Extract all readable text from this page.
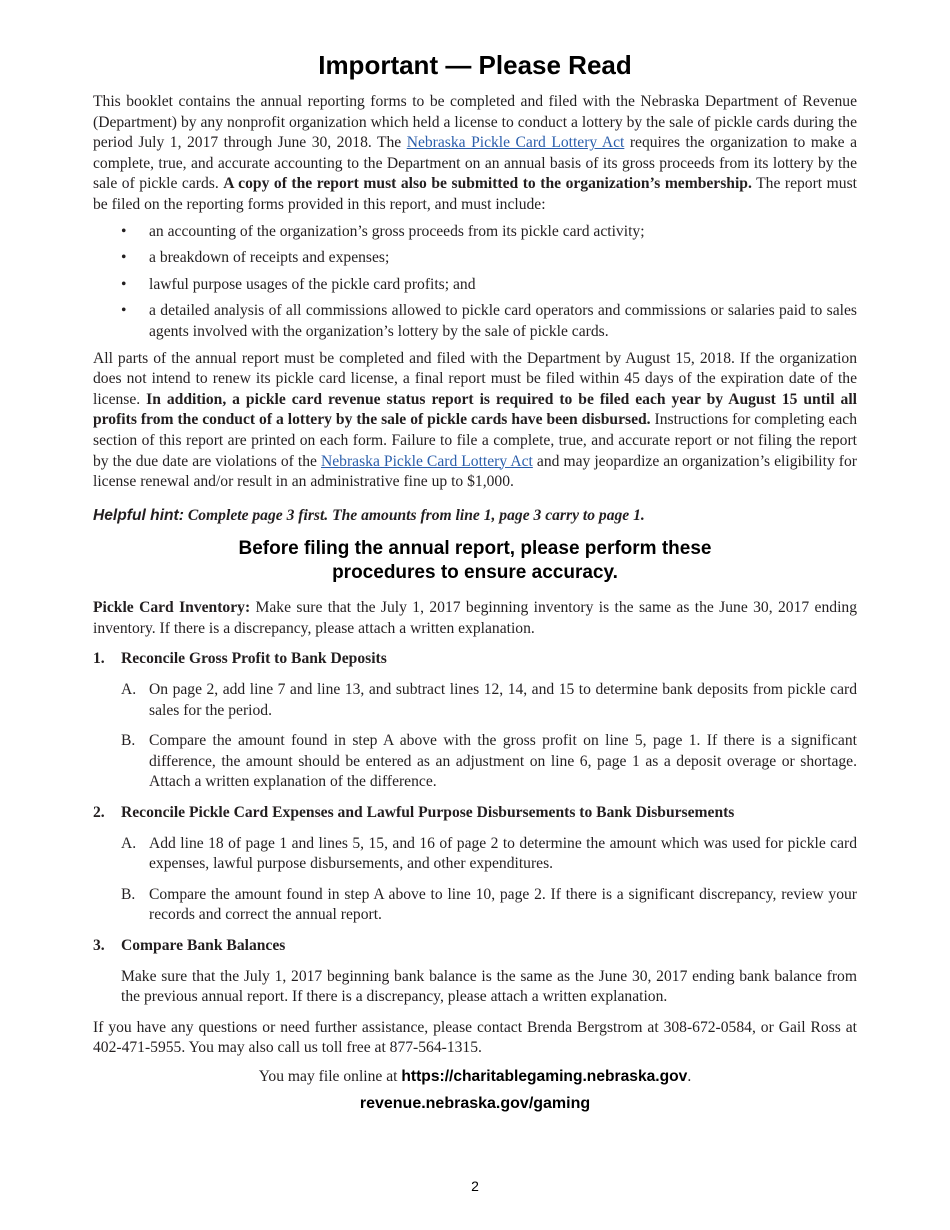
Important — Please Read

This booklet contains the annual reporting forms to be completed and filed with the Nebraska Department of Revenue (Department) by any nonprofit organization which held a license to conduct a lottery by the sale of pickle cards during the period July 1, 2017 through June 30, 2018. The Nebraska Pickle Card Lottery Act requires the organization to make a complete, true, and accurate accounting to the Department on an annual basis of its gross proceeds from its lottery by the sale of pickle cards. A copy of the report must also be submitted to the organization’s membership. The report must be filed on the reporting forms provided in this report, and must include:

• an accounting of the organization’s gross proceeds from its pickle card activity;
• a breakdown of receipts and expenses;
• lawful purpose usages of the pickle card profits; and
• a detailed analysis of all commissions allowed to pickle card operators and commissions or salaries paid to sales agents involved with the organization’s lottery by the sale of pickle cards.

All parts of the annual report must be completed and filed with the Department by August 15, 2018. If the organization does not intend to renew its pickle card license, a final report must be filed within 45 days of the expiration date of the license. In addition, a pickle card revenue status report is required to be filed each year by August 15 until all profits from the conduct of a lottery by the sale of pickle cards have been disbursed. Instructions for completing each section of this report are printed on each form. Failure to file a complete, true, and accurate report or not filing the report by the due date are violations of the Nebraska Pickle Card Lottery Act and may jeopardize an organization’s eligibility for license renewal and/or result in an administrative fine up to $1,000.

Helpful hint: Complete page 3 first. The amounts from line 1, page 3 carry to page 1.

Before filing the annual report, please perform these
procedures to ensure accuracy.

Pickle Card Inventory: Make sure that the July 1, 2017 beginning inventory is the same as the June 30, 2017 ending inventory. If there is a discrepancy, please attach a written explanation.

1. Reconcile Gross Profit to Bank Deposits

A. On page 2, add line 7 and line 13, and subtract lines 12, 14, and 15 to determine bank deposits from pickle card sales for the period.

B. Compare the amount found in step A above with the gross profit on line 5, page 1. If there is a significant difference, the amount should be entered as an adjustment on line 6, page 1 as a deposit overage or shortage. Attach a written explanation of the difference.

2. Reconcile Pickle Card Expenses and Lawful Purpose Disbursements to Bank Disbursements

A. Add line 18 of page 1 and lines 5, 15, and 16 of page 2 to determine the amount which was used for pickle card expenses, lawful purpose disbursements, and other expenditures.

B. Compare the amount found in step A above to line 10, page 2. If there is a significant discrepancy, review your records and correct the annual report.

3. Compare Bank Balances

Make sure that the July 1, 2017 beginning bank balance is the same as the June 30, 2017 ending bank balance from the previous annual report. If there is a discrepancy, please attach a written explanation.

If you have any questions or need further assistance, please contact Brenda Bergstrom at 308-672-0584, or Gail Ross at 402-471-5955. You may also call us toll free at 877-564-1315.

You may file online at https://charitablegaming.nebraska.gov.

revenue.nebraska.gov/gaming

2
